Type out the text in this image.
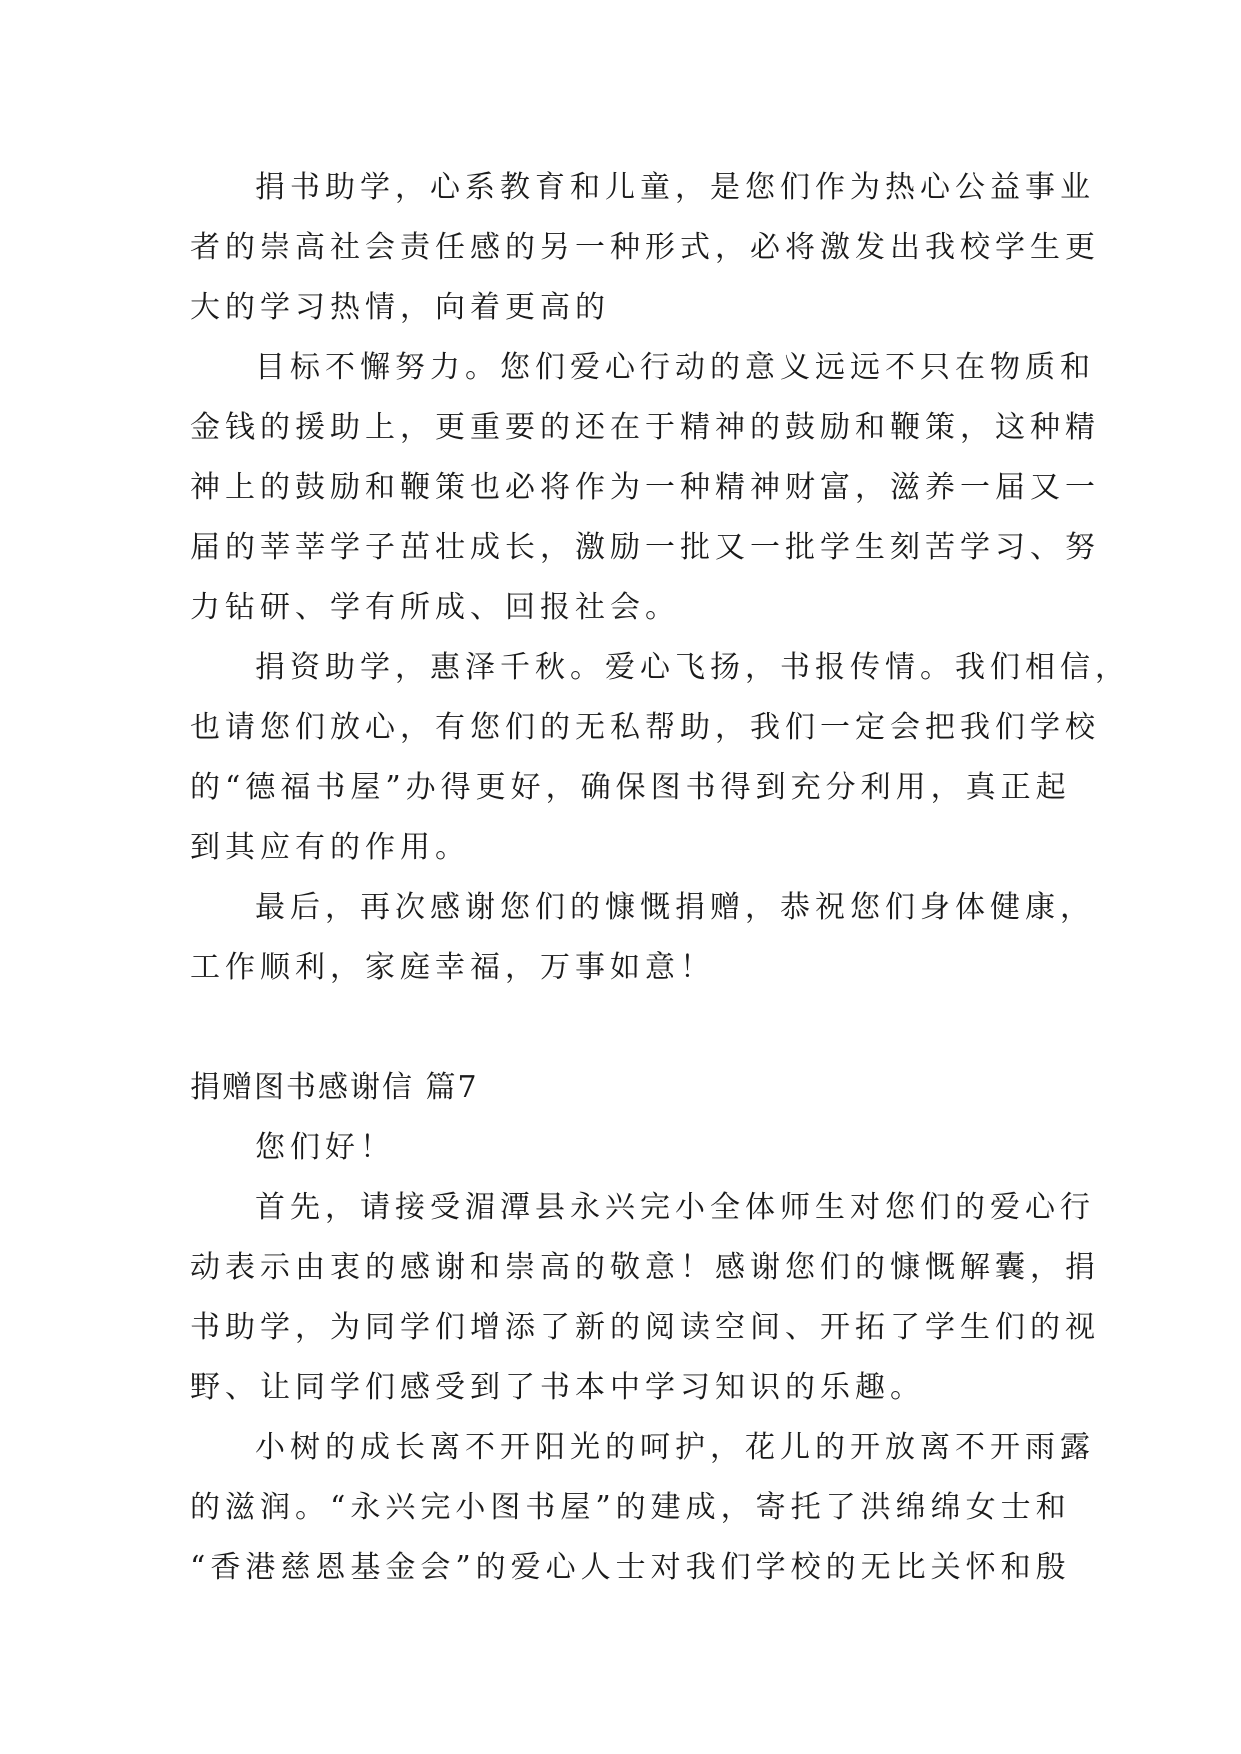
捐书助学，心系教育和儿童，是您们作为热心公益事业
者的崇高社会责任感的另一种形式，必将激发出我校学生更
大的学习热情，向着更高的
目标不懈努力。您们爱心行动的意义远远不只在物质和
金钱的援助上，更重要的还在于精神的鼓励和鞭策，这种精
神上的鼓励和鞭策也必将作为一种精神财富，滋养一届又一
届的莘莘学子茁壮成长，激励一批又一批学生刻苦学习、努
力钻研、学有所成、回报社会。
捐资助学，惠泽千秋。爱心飞扬，书报传情。我们相信，
也请您们放心，有您们的无私帮助，我们一定会把我们学校
的“德福书屋”办得更好，确保图书得到充分利用，真正起
到其应有的作用。
最后，再次感谢您们的慷慨捐赠，恭祝您们身体健康，
工作顺利，家庭幸福，万事如意！
捐赠图书感谢信 篇7
您们好！
首先，请接受湄潭县永兴完小全体师生对您们的爱心行
动表示由衷的感谢和崇高的敬意！感谢您们的慷慨解囊，捐
书助学，为同学们增添了新的阅读空间、开拓了学生们的视
野、让同学们感受到了书本中学习知识的乐趣。
小树的成长离不开阳光的呵护，花儿的开放离不开雨露
的滋润。“永兴完小图书屋”的建成，寄托了洪绵绵女士和
“香港慈恩基金会”的爱心人士对我们学校的无比关怀和殷
